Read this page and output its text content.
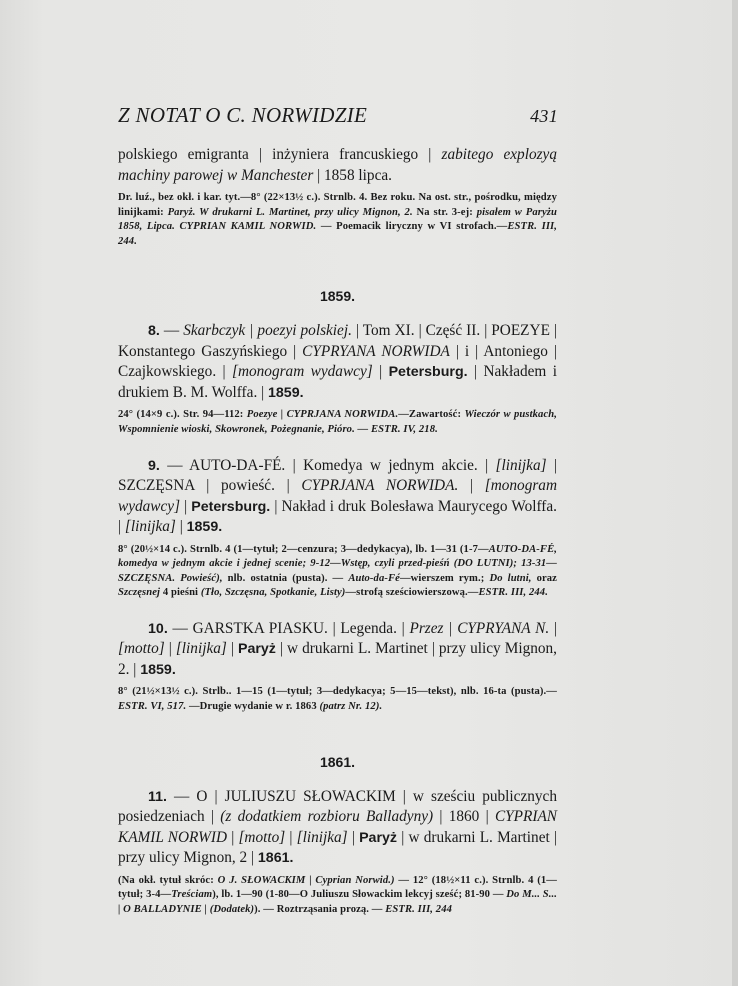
Z NOTAT O C. NORWIDZIE	431
polskiego emigranta | inżyniera francuskiego | zabitego explozyą machiny parowej w Manchester | 1858 lipca.
Dr. luź., bez okł. i kar. tyt.—8° (22×13½ c.). Strnlb. 4. Bez roku. Na ost. str., pośrodku, między linijkami: Paryż. W drukarni L. Martinet, przy ulicy Mignon, 2. Na str. 3-ej: pisałem w Paryżu 1858, Lipca. CYPRIAN KAMIL NORWID. — Poemacik liryczny w VI strofach.—ESTR. III, 244.
1859.
8. — Skarbczyk | poezyi polskiej. | Tom XI. | Część II. | POEZYE | Konstantego Gaszyńskiego | CYPRYANA NORWIDA | i | Antoniego | Czajkowskiego. | [monogram wydawcy] | Petersburg. | Nakładem i drukiem B. M. Wolffa. | 1859.
24° (14×9 c.). Str. 94—112: Poezye | CYPRJANA NORWIDA.—Zawartość: Wieczór w pustkach, Wspomnienie wioski, Skowronek, Pożegnanie, Pióro. — ESTR. IV, 218.
9. — AUTO-DA-FÉ. | Komedya w jednym akcie. | [linijka] | SZCZĘSNA | powieść. | CYPRJANA NORWIDA. | [monogram wydawcy] | Petersburg. | Nakład i druk Bolesława Maurycego Wolffa. | [linijka] | 1859.
8° (20½×14 c.). Strnlb. 4 (1—tytuł; 2—cenzura; 3—dedykacya), lb. 1—31 (1-7—AUTO-DA-FÉ, komedya w jednym akcie i jednej scenie; 9-12—Wstęp, czyli przed-pieśń (DO LUTNI); 13-31— SZCZĘSNA. Powieść), nlb. ostatnia (pusta). — Auto-da-Fé—wierszem rym.; Do lutni, oraz Szczęsnej 4 pieśni (Tło, Szczęsna, Spotkanie, Listy)—strofą sześciowierszową.—ESTR. III, 244.
10. — GARSTKA PIASKU. | Legenda. | Przez | CYPRYANA N. | [motto] | [linijka] | Paryż | w drukarni L. Martinet | przy ulicy Mignon, 2. | 1859.
8° (21½×13½ c.). Strlb.. 1—15 (1—tytuł; 3—dedykacya; 5—15—tekst), nlb. 16-ta (pusta).— ESTR. VI, 517. —Drugie wydanie w r. 1863 (patrz Nr. 12).
1861.
11. — O | JULIUSZU SŁOWACKIM | w sześciu publicznych posiedzeniach | (z dodatkiem rozbioru Balladyny) | 1860 | CYPRIAN KAMIL NORWID | [motto] | [linijka] | Paryż | w drukarni L. Martinet | przy ulicy Mignon, 2 | 1861.
(Na okł. tytuł skróc: O J. SŁOWACKIM | Cyprian Norwid.) — 12° (18½×11 c.). Strnlb. 4 (1—tytuł; 3-4—Treściam), lb. 1—90 (1-80—O Juliuszu Słowackim lekcyj sześć; 81-90 — Do M... S... | O BALLADYNIE | (Dodatek)). — Roztrząsania prozą. — ESTR. III, 244
